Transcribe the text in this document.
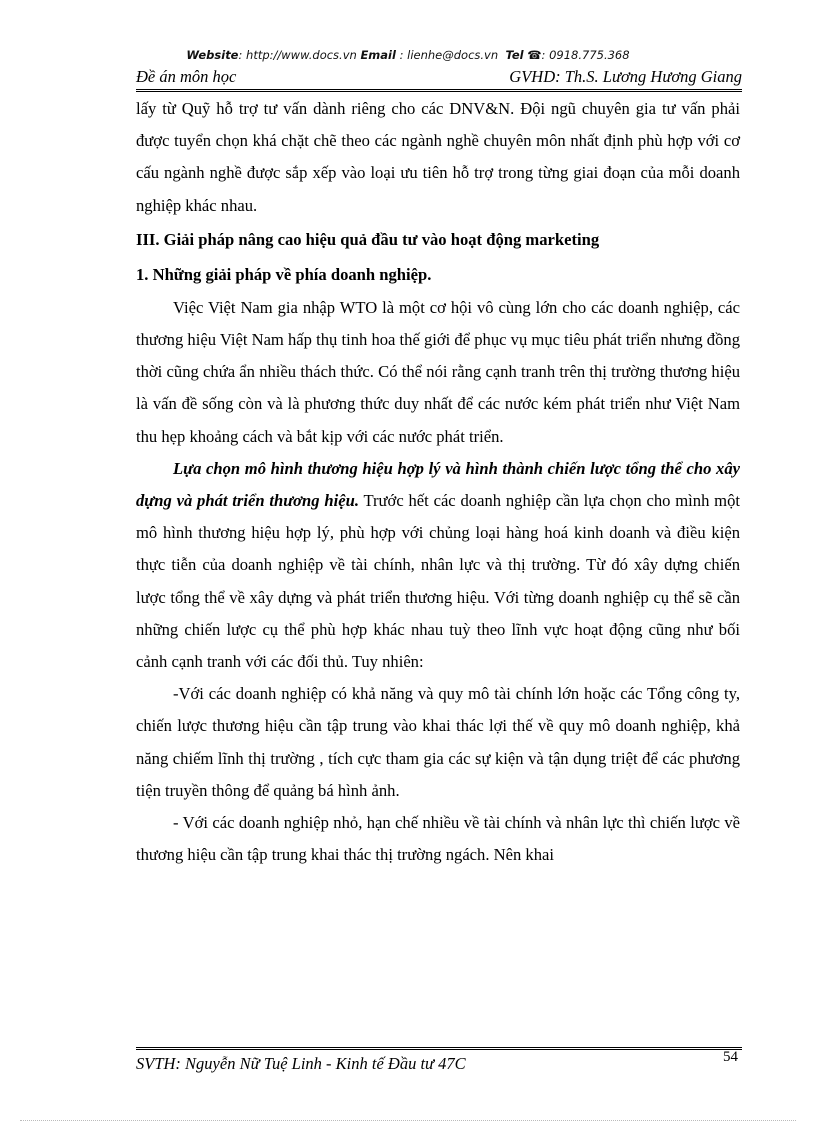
Website: http://www.docs.vn Email : lienhe@docs.vn Tel ☎: 0918.775.368
Đề án môn học	GVHD: Th.S. Lương Hương Giang

lấy từ Quỹ hỗ trợ tư vấn dành riêng cho các DNV&N. Đội ngũ chuyên gia tư vấn phải được tuyển chọn khá chặt chẽ theo các ngành nghề chuyên môn nhất định phù hợp với cơ cấu ngành nghề được sắp xếp vào loại ưu tiên hỗ trợ trong từng giai đoạn của mỗi doanh nghiệp khác nhau.

III. Giải pháp nâng cao hiệu quả đầu tư vào hoạt động marketing
1. Những giải pháp về phía doanh nghiệp.

Việc Việt Nam gia nhập WTO là một cơ hội vô cùng lớn cho các doanh nghiệp, các thương hiệu Việt Nam hấp thụ tinh hoa thế giới để phục vụ mục tiêu phát triển nhưng đồng thời cũng chứa ẩn nhiều thách thức. Có thể nói rằng cạnh tranh trên thị trường thương hiệu là vấn đề sống còn và là phương thức duy nhất để các nước kém phát triển như Việt Nam thu hẹp khoảng cách và bắt kịp với các nước phát triển.

Lựa chọn mô hình thương hiệu hợp lý và hình thành chiến lược tổng thể cho xây dựng và phát triển thương hiệu. Trước hết các doanh nghiệp cần lựa chọn cho mình một mô hình thương hiệu hợp lý, phù hợp với chủng loại hàng hoá kinh doanh và điều kiện thực tiễn của doanh nghiệp về tài chính, nhân lực và thị trường. Từ đó xây dựng chiến lược tổng thể về xây dựng và phát triển thương hiệu. Với từng doanh nghiệp cụ thể sẽ cần những chiến lược cụ thể phù hợp khác nhau tuỳ theo lĩnh vực hoạt động cũng như bối cảnh cạnh tranh với các đối thủ. Tuy nhiên:

-Với các doanh nghiệp có khả năng và quy mô tài chính lớn hoặc các Tổng công ty, chiến lược thương hiệu cần tập trung vào khai thác lợi thế về quy mô doanh nghiệp, khả năng chiếm lĩnh thị trường , tích cực tham gia các sự kiện và tận dụng triệt để các phương tiện truyền thông để quảng bá hình ảnh.

- Với các doanh nghiệp nhỏ, hạn chế nhiều về tài chính và nhân lực thì chiến lược về thương hiệu cần tập trung khai thác thị trường ngách. Nên khai

SVTH: Nguyễn Nữ Tuệ Linh - Kinh tế Đầu tư 47C	54
